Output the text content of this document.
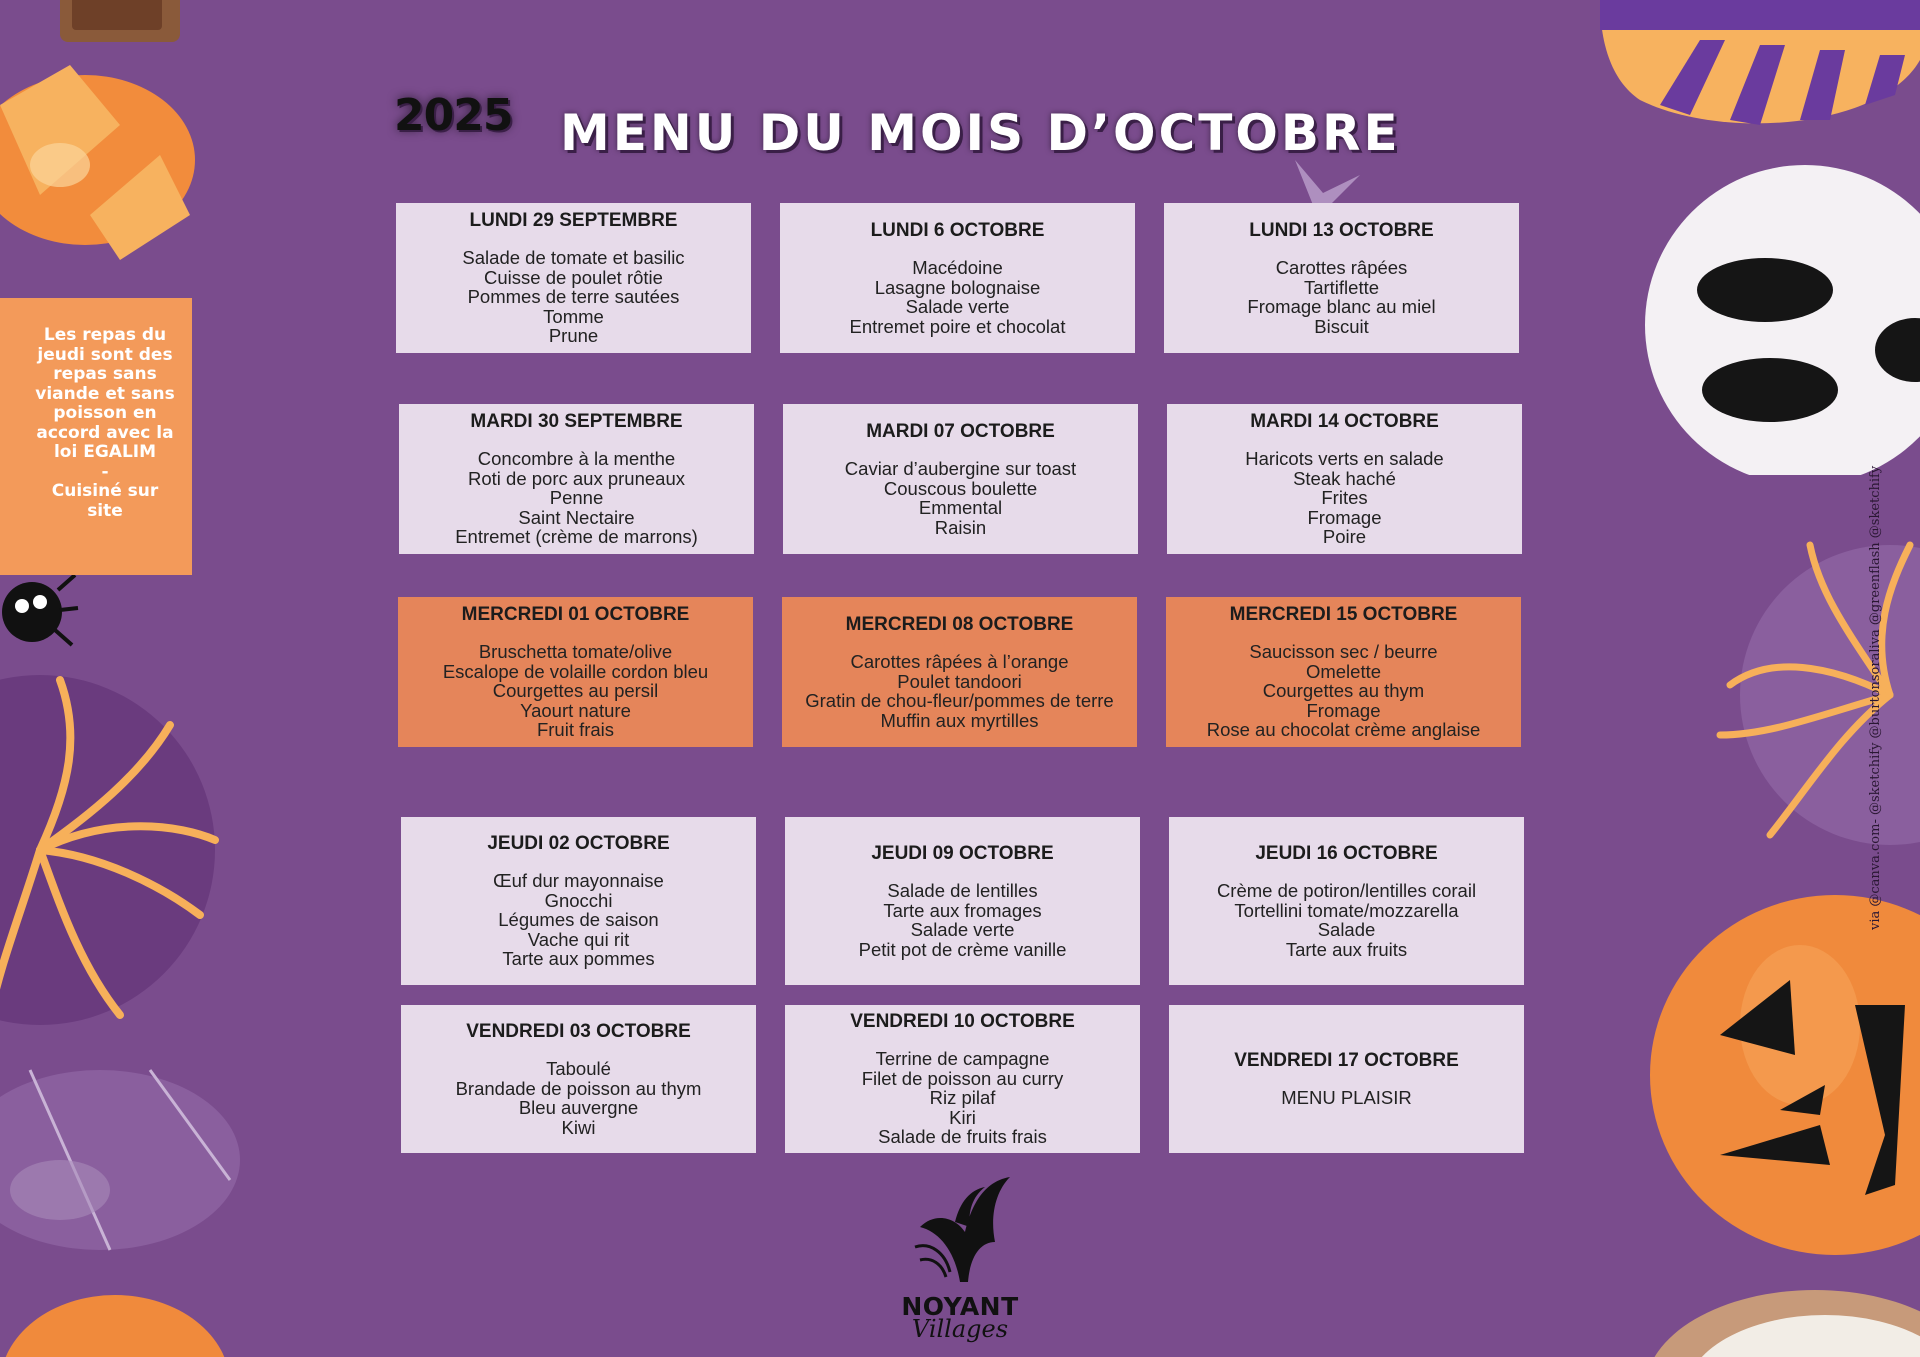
2025 MENU DU MOIS D’OCTOBRE

Les repas du jeudi sont des repas sans viande et sans poisson en accord avec la loi EGALIM

-

Cuisiné sur site

LUNDI 29 SEPTEMBRE
Salade de tomate et basilic
Cuisse de poulet rôtie
Pommes de terre sautées
Tomme
Prune
LUNDI 6 OCTOBRE
Macédoine
Lasagne bolognaise
Salade verte
Entremet poire et chocolat
LUNDI 13 OCTOBRE
Carottes râpées
Tartiflette
Fromage blanc au miel
Biscuit
MARDI 30 SEPTEMBRE
Concombre à la menthe
Roti de porc aux pruneaux
Penne
Saint Nectaire
Entremet (crème de marrons)
MARDI 07 OCTOBRE
Caviar d’aubergine sur toast
Couscous boulette
Emmental
Raisin
MARDI 14 OCTOBRE
Haricots verts en salade
Steak haché
Frites
Fromage
Poire
MERCREDI 01 OCTOBRE
Bruschetta tomate/olive
Escalope de volaille cordon bleu
Courgettes au persil
Yaourt nature
Fruit frais
MERCREDI 08 OCTOBRE
Carottes râpées à l’orange
Poulet tandoori
Gratin de chou-fleur/pommes de terre
Muffin aux myrtilles
MERCREDI 15 OCTOBRE
Saucisson sec / beurre
Omelette
Courgettes au thym
Fromage
Rose au chocolat crème anglaise
JEUDI 02 OCTOBRE
Œuf dur mayonnaise
Gnocchi
Légumes de saison
Vache qui rit
Tarte aux pommes
JEUDI 09 OCTOBRE
Salade de lentilles
Tarte aux fromages
Salade verte
Petit pot de crème vanille
JEUDI 16 OCTOBRE
Crème de potiron/lentilles corail
Tortellini tomate/mozzarella
Salade
Tarte aux fruits
VENDREDI 03 OCTOBRE
Taboulé
Brandade de poisson au thym
Bleu auvergne
Kiwi
VENDREDI 10 OCTOBRE
Terrine de campagne
Filet de poisson au curry
Riz pilaf
Kiri
Salade de fruits frais
VENDREDI 17 OCTOBRE
MENU PLAISIR
via @canva.com- @sketchify @burtonsoraliva @greenflash @sketchify
NOYANT
Villages
